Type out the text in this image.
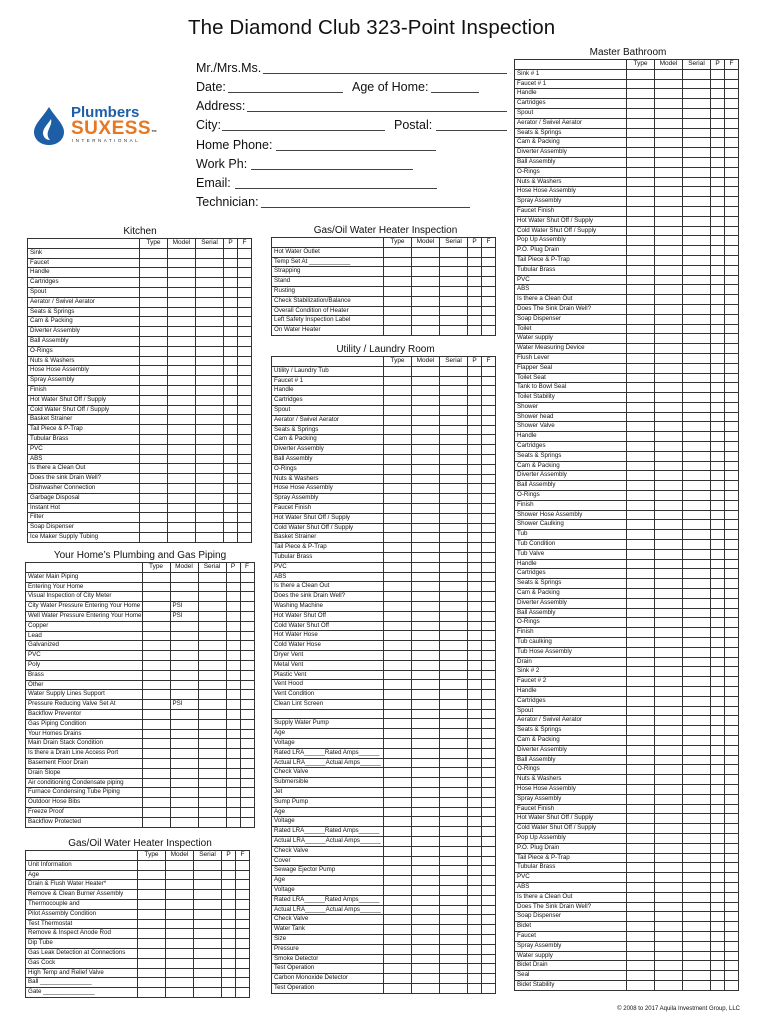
The Diamond Club 323-Point Inspection
Plumbers
SUXESS™
INTERNATIONAL
Mr./Mrs.Ms.
Date:	Age of Home:
Address:
City:	Postal:
Home Phone:
Work Ph:
Email:
Technician:
Kitchen
	Type	Model	Serial	P	F
Sink					
Faucet					
Handle					
Cartridges					
Spout					
Aerator / Swivel Aerator					
Seats & Springs					
Cam & Packing					
Diverter Assembly					
Ball Assembly					
O-Rings					
Nuts & Washers					
Hose Hose Assembly					
Spray Assembly					
Finish					
Hot Water Shut Off / Supply					
Cold Water Shut Off / Supply					
Basket Strainer					
Tail Piece & P-Trap					
Tubular Brass					
PVC					
ABS					
Is there a Clean Out					
Does the sink Drain Well?					
Dishwasher Connection					
Garbage Disposal					
Instant Hot					
Filter					
Soap Dispenser					
Ice Maker Supply Tubing					
Your Home’s Plumbing and Gas Piping
	Type	Model	Serial	P	F
Water Main Piping					
Entering Your Home					
Visual Inspection of City Meter					
City Water Pressure Entering Your Home		PSI			
Well Water Pressure Entering Your Home		PSI			
Copper					
Lead					
Galvanized					
PVC					
Poly					
Brass					
Other					
Water Supply Lines Support					
Pressure Reducing Valve Set At		PSI			
Backflow Preventor					
Gas Piping Condition					
Your Homes Drains					
Main Drain Stack Condition					
Is there a Drain Line Access Port					
Basement Floor Drain					
Drain Slope					
Air conditioning Condensate piping					
Furnace Condensing Tube Piping					
Outdoor Hose Bibs					
Freeze Proof					
Backflow Protected					
Gas/Oil Water Heater Inspection
	Type	Model	Serial	P	F
Unit Information					
Age					
Drain & Flush Water Heater*					
Remove & Clean Burner Assembly					
Thermocouple and					
Pilot Assembly Condition					
Test Thermostat					
Remove & Inspect Anode Rod					
Dip Tube					
Gas Leak Detection at Connections					
Gas Cock					
High Temp and Relief Valve					
Ball _______________					
Gate _______________					
Gas/Oil Water Heater Inspection
	Type	Model	Serial	P	F
Hot Water Outlet					
Temp Set At ____________					
Strapping					
Stand					
Rusting					
Check Stabilization/Balance					
Overall Condition of Heater					
Left Safety Inspection Label					
On Water Heater					
Utility / Laundry Room
	Type	Model	Serial	P	F
Utility / Laundry Tub					
Faucet # 1					
Handle					
Cartridges					
Spout					
Aerator / Swivel Aerator					
Seats & Springs					
Cam & Packing					
Diverter Assembly					
Ball Assembly					
O-Rings					
Nuts & Washers					
Hose Hose Assembly					
Spray Assembly					
Faucet Finish					
Hot Water Shut Off / Supply					
Cold Water Shut Off / Supply					
Basket Strainer					
Tail Piece & P-Trap					
Tubular Brass					
PVC					
ABS					
Is there a Clean Out					
Does the sink Drain Well?					
Washing Machine					
Hot Water Shut Off					
Cold Water Shut Off					
Hot Water Hose					
Cold Water Hose					
Dryer Vent					
Metal Vent					
Plastic Vent					
Vent Hood					
Vent Condition					
Clean Lint Screen					

Supply Water Pump					
Age					
Voltage					
Rated LRA______Rated Amps______					
Actual LRA______Actual Amps______					
Check Valve					
Submersible					
Jet					
Sump Pump					
Age					
Voltage					
Rated LRA______Rated Amps______					
Actual LRA______Actual Amps______					
Check Valve					
Cover					
Sewage Ejector Pump					
Age					
Voltage					
Rated LRA______Rated Amps______					
Actual LRA______Actual Amps______					
Check Valve					
Water Tank					
Size					
Pressure					
Smoke Detector					
Test Operation					
Carbon Monoxide Detector					
Test Operation					
Master Bathroom
	Type	Model	Serial	P	F
Sink # 1					
Faucet # 1					
Handle					
Cartridges					
Spout					
Aerator / Swivel Aerator					
Seats & Springs					
Cam & Packing					
Diverter Assembly					
Ball Assembly					
O-Rings					
Nuts & Washers					
Hose Hose Assembly					
Spray Assembly					
Faucet Finish					
Hot Water Shut Off / Supply					
Cold Water Shut Off / Supply					
Pop Up Assembly					
P.O. Plug Drain					
Tail Piece & P-Trap					
Tubular Brass					
PVC					
ABS					
Is there a Clean Out					
Does The Sink Drain Well?					
Soap Dispenser					
Toilet					
Water supply					
Water Measuring Device					
Flush Lever					
Flapper Seal					
Toilet Seat					
Tank to Bowl Seal					
Toilet Stability					
Shower					
Shower head					
Shower Valve					
Handle					
Cartridges					
Seats & Springs					
Cam & Packing					
Diverter Assembly					
Ball Assembly					
O-Rings					
Finish					
Shower Hose Assembly					
Shower Caulking					
Tub					
Tub Condition					
Tub Valve					
Handle					
Cartridges					
Seats & Springs					
Cam & Packing					
Diverter Assembly					
Ball Assembly					
O-Rings					
Finish					
Tub caulking					
Tub Hose Assembly					
Drain					
Sink # 2					
Faucet # 2					
Handle					
Cartridges					
Spout					
Aerator / Swivel Aerator					
Seats & Springs					
Cam & Packing					
Diverter Assembly					
Ball Assembly					
O-Rings					
Nuts & Washers					
Hose Hose Assembly					
Spray Assembly					
Faucet Finish					
Hot Water Shut Off / Supply					
Cold Water Shut Off / Supply					
Pop Up Assembly					
P.O. Plug Drain					
Tail Piece & P-Trap					
Tubular Brass					
PVC					
ABS					
Is there a Clean Out					
Does The Sink Drain Well?					
Soap Dispenser					
Bidet					
Faucet					
Spray Assembly					
Water supply					
Bidet Drain					
Seal					
Bidet Stability					
© 2008 to 2017 Aquila Investment Group, LLC
